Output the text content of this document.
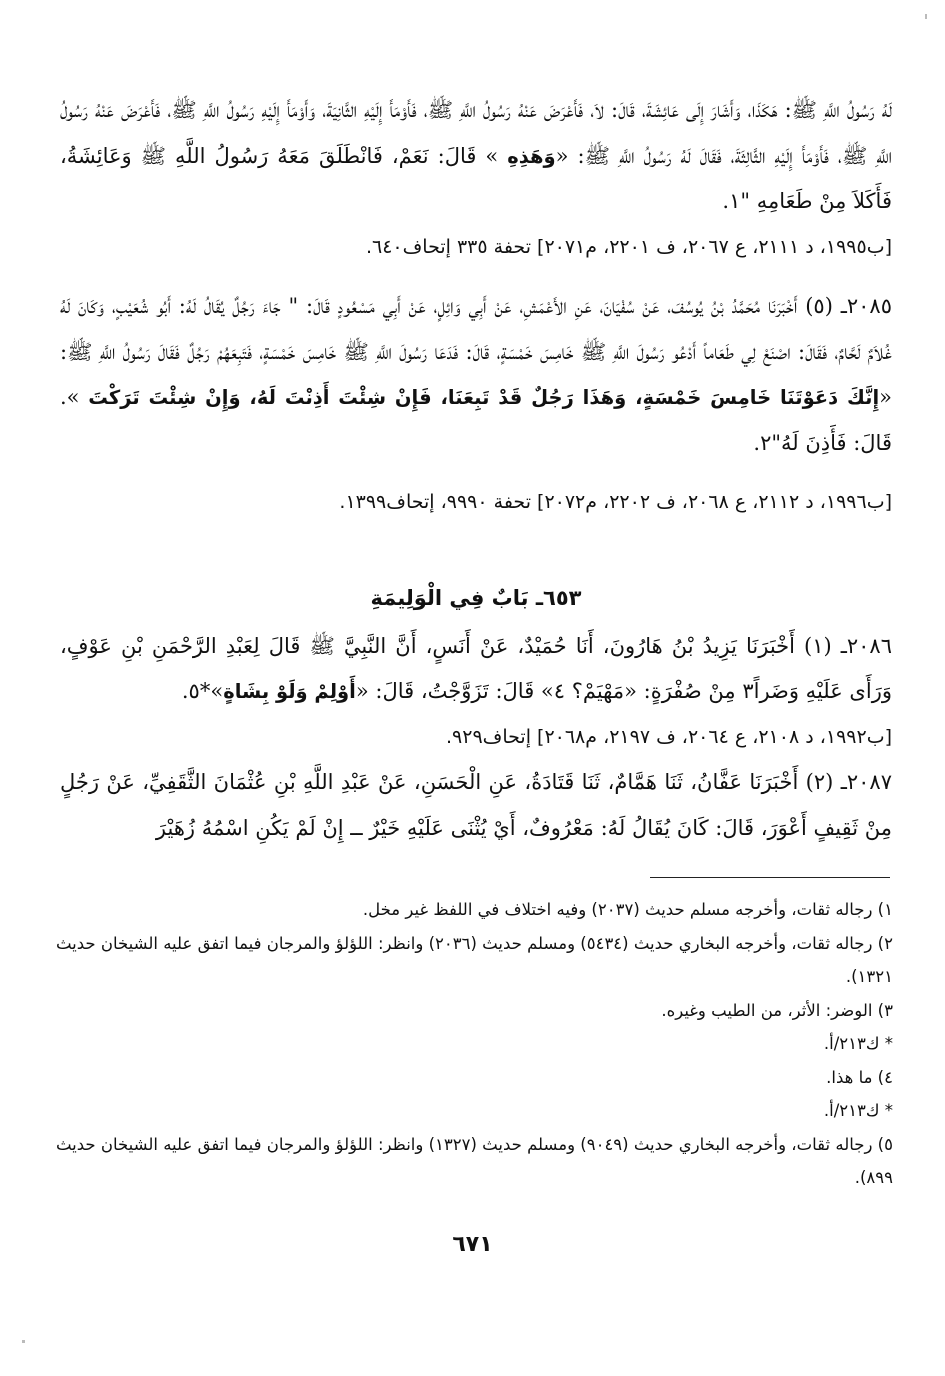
لَهُ رَسُولُ اللَّهِ ﷺ: هَكَذَا، وَأَشَارَ إِلَى عَائِشَةَ، قَالَ: لاَ، فَأَعْرَضَ عَنْهُ رَسُولُ اللَّهِ ﷺ، فَأَوْمَأَ إِلَيْهِ الثَّانِيَةَ، وَأَوْمَأَ إِلَيْهِ رَسُولُ اللَّهِ ﷺ، فَأَعْرَضَ عَنْهُ رَسُولُ اللَّهِ ﷺ، فَأَوْمَأَ إِلَيْهِ الثَّالِثَةَ، فَقَالَ لَهُ رَسُولُ اللَّهِ ﷺ: «وَهَذِهِ » قَالَ: نَعَمْ، فَانْطَلَقَ مَعَهُ رَسُولُ اللَّهِ ﷺ وَعَائِشَةُ، فَأَكَلاَ مِنْ طَعَامِهِ "١.

[ب١٩٩٥، د ٢١١١، ع ٢٠٦٧، ف ٢٢٠١، م٢٠٧١] تحفة ٣٣٥ إتحاف٦٤٠.

٢٠٨٥ـ (٥) أَخْبَرَنَا مُحَمَّدُ بْنُ يُوسُفَ، عَنْ سُفْيَانَ، عَنِ الأَعْمَشِ، عَنْ أَبِي وَائِلٍ، عَنْ أَبِي مَسْعُودٍ قَالَ: " جَاءَ رَجُلٌ يُقَالُ لَهُ: أَبُو شُعَيْبٍ، وَكَانَ لَهُ غُلاَمٌ لَحَّامٌ، فَقَالَ: اصْنَعْ لِي طَعَاماً أَدْعُو رَسُولَ اللَّهِ ﷺ خَامِسَ خَمْسَةٍ، قَالَ: فَدَعَا رَسُولَ اللَّهِ ﷺ خَامِسَ خَمْسَةٍ، فَتَبِعَهُمْ رَجُلٌ فَقَالَ رَسُولُ اللَّهِ ﷺ: «إِنَّكَ دَعَوْتَنَا خَامِسَ خَمْسَةٍ، وَهَذَا رَجُلٌ قَدْ تَبِعَنَا، فَإِنْ شِئْتَ أَذِنْتَ لَهُ، وَإِنْ شِئْتَ تَرَكْتَ ». قَالَ: فَأَذِنَ لَهُ"٢.

[ب١٩٩٦، د ٢١١٢، ع ٢٠٦٨، ف ٢٢٠٢، م٢٠٧٢] تحفة ٩٩٩٠، إتحاف١٣٩٩.

٦٥٣ـ بَابٌ فِي الْوَلِيمَةِ

٢٠٨٦ـ (١) أَخْبَرَنَا يَزِيدُ بْنُ هَارُونَ، أَنَا حُمَيْدٌ، عَنْ أَنَسٍ، أَنَّ النَّبِيَّ ﷺ قَالَ لِعَبْدِ الرَّحْمَنِ بْنِ عَوْفٍ، وَرَأَى عَلَيْهِ وَضَراً٣ مِنْ صُفْرَةٍ: «مَهْيَمْ؟ ٤» قَالَ: تَزَوَّجْتُ، قَالَ: «أَوْلِمْ وَلَوْ بِشَاةٍ»*٥.

[ب١٩٩٢، د ٢١٠٨، ع ٢٠٦٤، ف ٢١٩٧، م٢٠٦٨] إتحاف٩٢٩.

٢٠٨٧ـ (٢) أَخْبَرَنَا عَفَّانُ، ثَنَا هَمَّامٌ، ثَنَا قَتَادَةُ، عَنِ الْحَسَنِ، عَنْ عَبْدِ اللَّهِ بْنِ عُثْمَانَ الثَّقَفِيِّ، عَنْ رَجُلٍ مِنْ ثَقِيفٍ أَعْوَرَ، قَالَ: كَانَ يُقَالُ لَهُ: مَعْرُوفٌ، أَيْ يُثْنَى عَلَيْهِ خَيْرٌ ــ إِنْ لَمْ يَكُنِ اسْمُهُ زُهَيْرَ

١) رجاله ثقات، وأخرجه مسلم حديث (٢٠٣٧) وفيه اختلاف في اللفظ غير مخل.

٢) رجاله ثقات، وأخرجه البخاري حديث (٥٤٣٤) ومسلم حديث (٢٠٣٦) وانظر: اللؤلؤ والمرجان فيما اتفق عليه الشيخان حديث ١٣٢١).

٣) الوضر: الأثر، من الطيب وغيره.

* ك٢١٣/أ.

٤) ما هذا.

* ك٢١٣/أ.

٥) رجاله ثقات، وأخرجه البخاري حديث (٩٠٤٩) ومسلم حديث (١٣٢٧) وانظر: اللؤلؤ والمرجان فيما اتفق عليه الشيخان حديث ٨٩٩).

٦٧١
